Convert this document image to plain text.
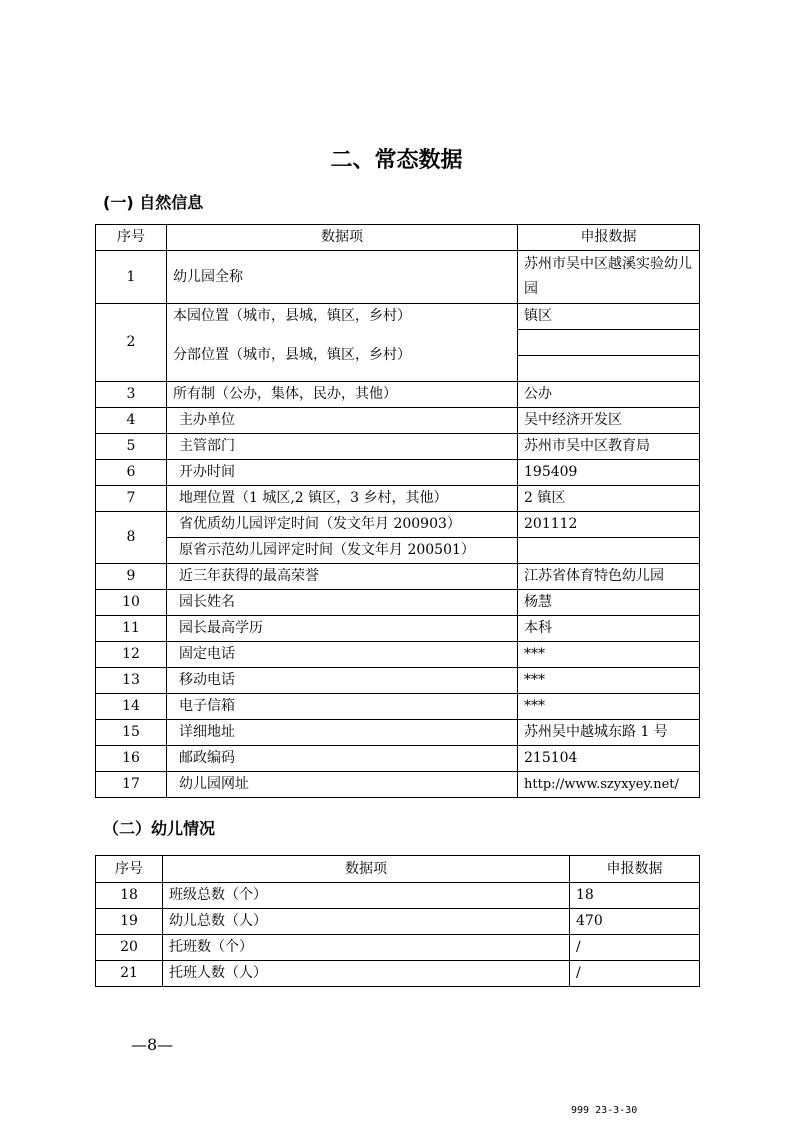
二、常态数据
(一) 自然信息
序号	数据项	申报数据
1	幼儿园全称	苏州市吴中区越溪实验幼儿园
2	本园位置（城市，县城，镇区，乡村）	镇区
	分部位置（城市，县城，镇区，乡村）	

3	所有制（公办，集体，民办，其他）	公办
4	主办单位	吴中经济开发区
5	主管部门	苏州市吴中区教育局
6	开办时间	195409
7	地理位置（1 城区,2 镇区，3 乡村，其他）	2 镇区
8	省优质幼儿园评定时间（发文年月 200903）	201112
	原省示范幼儿园评定时间（发文年月 200501）	
9	近三年获得的最高荣誉	江苏省体育特色幼儿园
10	园长姓名	杨慧
11	园长最高学历	本科
12	固定电话	***
13	移动电话	***
14	电子信箱	***
15	详细地址	苏州吴中越城东路 1 号
16	邮政编码	215104
17	幼儿园网址	http://www.szyxyey.net/
（二）幼儿情况
序号	数据项	申报数据
18	班级总数（个）	18
19	幼儿总数（人）	470
20	托班数（个）	/
21	托班人数（人）	/
—8—
999 23-3-30
